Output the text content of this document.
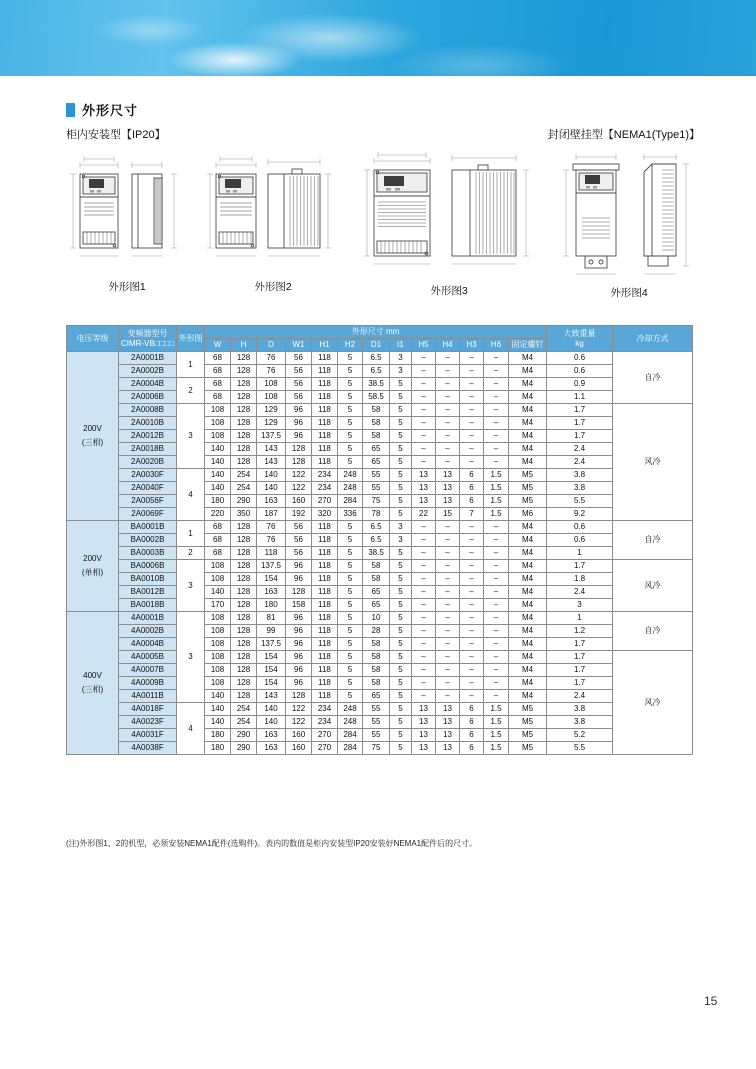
外形尺寸
柜内安装型【IP20】	封闭壁挂型【NEMA1(Type1)】
外形图1	外形图2	外形图3	外形图4
电压等级	
变频器型号
CIMR-VB□□□□
	外形图	外形尺寸 mm	大致重量
kg
	冷却方式
			W	H	D	W1	H1	H2	D1	t1	H5	H4	H3	H6	固定螺钉		

200V
(三相)	2A0001B	1	68	128	76	56	118	5	6.5	3	–	–	–	–	M4	0.6	自冷
	2A0002B		68	128	76	56	118	5	6.5	3	–	–	–	–	M4	0.6	
	2A0004B	2	68	128	108	56	118	5	38.5	5	–	–	–	–	M4	0.9	
	2A0006B		68	128	108	56	118	5	58.5	5	–	–	–	–	M4	1.1	
	2A0008B	3	108	128	129	96	118	5	58	5	–	–	–	–	M4	1.7	风冷
	2A0010B		108	128	129	96	118	5	58	5	–	–	–	–	M4	1.7	
	2A0012B		108	128	137.5	96	118	5	58	5	–	–	–	–	M4	1.7	
	2A0018B		140	128	143	128	118	5	65	5	–	–	–	–	M4	2.4	
	2A0020B		140	128	143	128	118	5	65	5	–	–	–	–	M4	2.4	
	2A0030F	4	140	254	140	122	234	248	55	5	13	13	6	1.5	M5	3.8	
	2A0040F		140	254	140	122	234	248	55	5	13	13	6	1.5	M5	3.8	
	2A0056F		180	290	163	160	270	284	75	5	13	13	6	1.5	M5	5.5	
	2A0069F		220	350	187	192	320	336	78	5	22	15	7	1.5	M6	9.2	

200V
(单相)	BA0001B	1	68	128	76	56	118	5	6.5	3	–	–	–	–	M4	0.6	自冷
	BA0002B		68	128	76	56	118	5	6.5	3	–	–	–	–	M4	0.6	
	BA0003B	2	68	128	118	56	118	5	38.5	5	–	–	–	–	M4	1	
	BA0006B	3	108	128	137.5	96	118	5	58	5	–	–	–	–	M4	1.7	风冷
	BA0010B		108	128	154	96	118	5	58	5	–	–	–	–	M4	1.8	
	BA0012B		140	128	163	128	118	5	65	5	–	–	–	–	M4	2.4	
	BA0018B		170	128	180	158	118	5	65	5	–	–	–	–	M4	3	

400V
(三相)	4A0001B	3	108	128	81	96	118	5	10	5	–	–	–	–	M4	1	自冷
	4A0002B		108	128	99	96	118	5	28	5	–	–	–	–	M4	1.2	
	4A0004B		108	128	137.5	96	118	5	58	5	–	–	–	–	M4	1.7	
	4A0005B		108	128	154	96	118	5	58	5	–	–	–	–	M4	1.7	风冷
	4A0007B		108	128	154	96	118	5	58	5	–	–	–	–	M4	1.7	
	4A0009B		108	128	154	96	118	5	58	5	–	–	–	–	M4	1.7	
	4A0011B		140	128	143	128	118	5	65	5	–	–	–	–	M4	2.4	
	4A0018F	4	140	254	140	122	234	248	55	5	13	13	6	1.5	M5	3.8	
	4A0023F		140	254	140	122	234	248	55	5	13	13	6	1.5	M5	3.8	
	4A0031F		180	290	163	160	270	284	55	5	13	13	6	1.5	M5	5.2	
	4A0038F		180	290	163	160	270	284	75	5	13	13	6	1.5	M5	5.5	
(注)外形图1、2的机型，必须安装NEMA1配件(选购件)。表内的数值是柜内安装型IP20安装好NEMA1配件后的尺寸。
15
